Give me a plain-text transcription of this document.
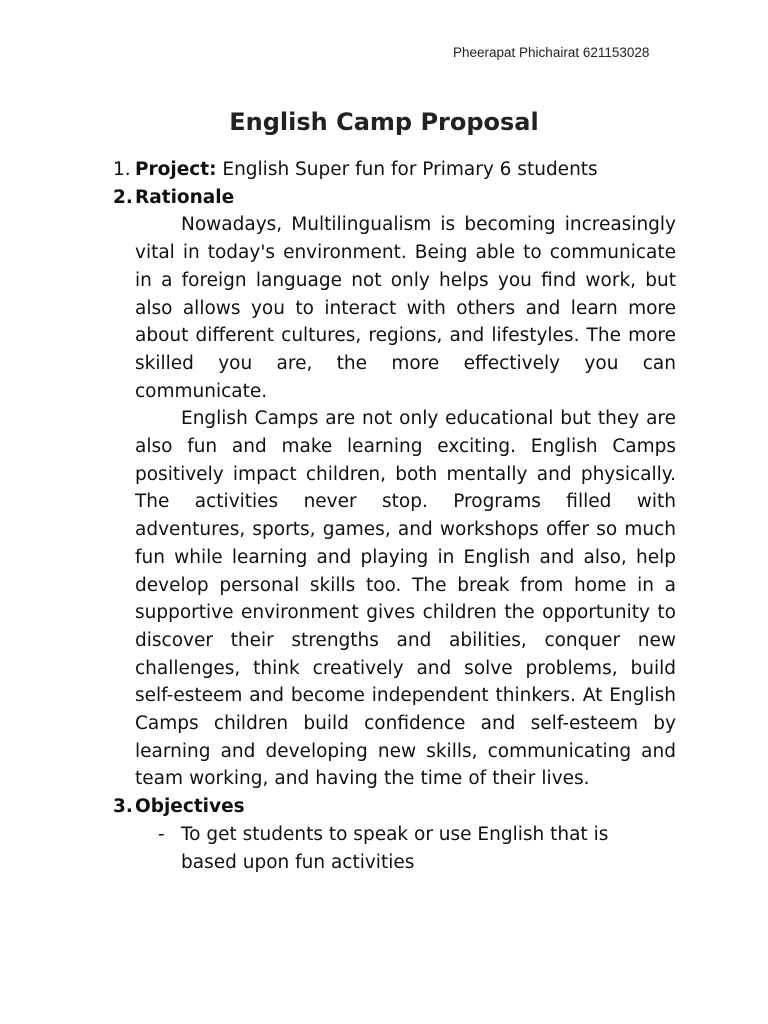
Pheerapat Phichairat 621153028
English Camp Proposal
1. Project: English Super fun for Primary 6 students
2. Rationale

Nowadays, Multilingualism is becoming increasingly vital in today's environment. Being able to communicate in a foreign language not only helps you find work, but also allows you to interact with others and learn more about different cultures, regions, and lifestyles. The more skilled you are, the more effectively you can communicate.

English Camps are not only educational but they are also fun and make learning exciting. English Camps positively impact children, both mentally and physically. The activities never stop. Programs filled with adventures, sports, games, and workshops offer so much fun while learning and playing in English and also, help develop personal skills too. The break from home in a supportive environment gives children the opportunity to discover their strengths and abilities, conquer new challenges, think creatively and solve problems, build self-esteem and become independent thinkers. At English Camps children build confidence and self-esteem by learning and developing new skills, communicating and team working, and having the time of their lives.

3. Objectives
- To get students to speak or use English that is based upon fun activities
